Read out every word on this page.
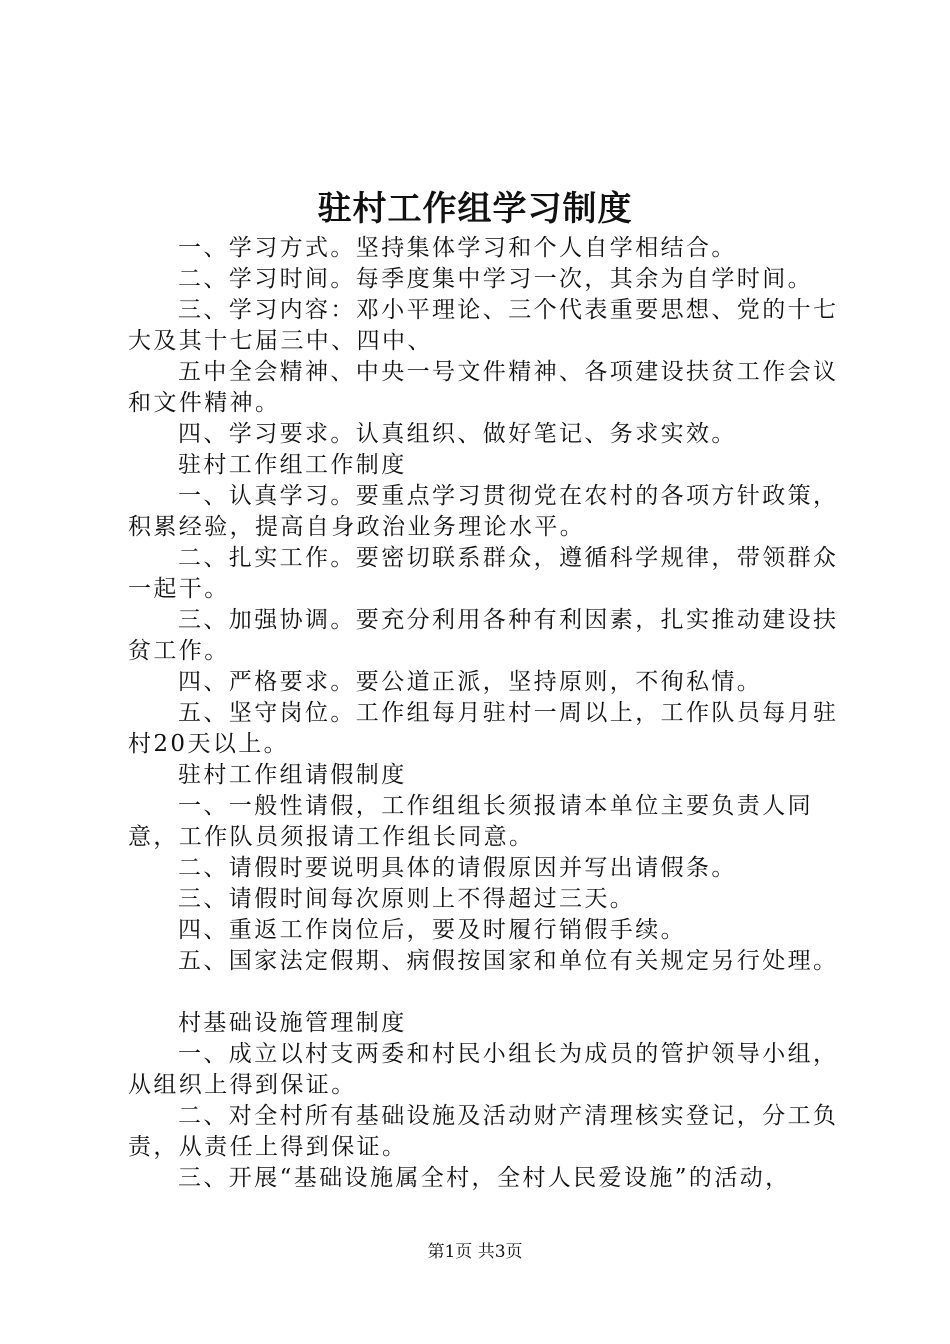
驻村工作组学习制度

一、学习方式。坚持集体学习和个人自学相结合。

二、学习时间。每季度集中学习一次，其余为自学时间。

三、学习内容：邓小平理论、三个代表重要思想、党的十七大及其十七届三中、四中、

五中全会精神、中央一号文件精神、各项建设扶贫工作会议和文件精神。

四、学习要求。认真组织、做好笔记、务求实效。

驻村工作组工作制度

一、认真学习。要重点学习贯彻党在农村的各项方针政策，积累经验，提高自身政治业务理论水平。

二、扎实工作。要密切联系群众，遵循科学规律，带领群众一起干。

三、加强协调。要充分利用各种有利因素，扎实推动建设扶贫工作。

四、严格要求。要公道正派，坚持原则，不徇私情。

五、坚守岗位。工作组每月驻村一周以上，工作队员每月驻村20天以上。

驻村工作组请假制度

一、一般性请假，工作组组长须报请本单位主要负责人同意，工作队员须报请工作组长同意。

二、请假时要说明具体的请假原因并写出请假条。

三、请假时间每次原则上不得超过三天。

四、重返工作岗位后，要及时履行销假手续。

五、国家法定假期、病假按国家和单位有关规定另行处理。

村基础设施管理制度

一、成立以村支两委和村民小组长为成员的管护领导小组，从组织上得到保证。

二、对全村所有基础设施及活动财产清理核实登记，分工负责，从责任上得到保证。

三、开展“基础设施属全村，全村人民爱设施”的活动，

第1页 共3页
